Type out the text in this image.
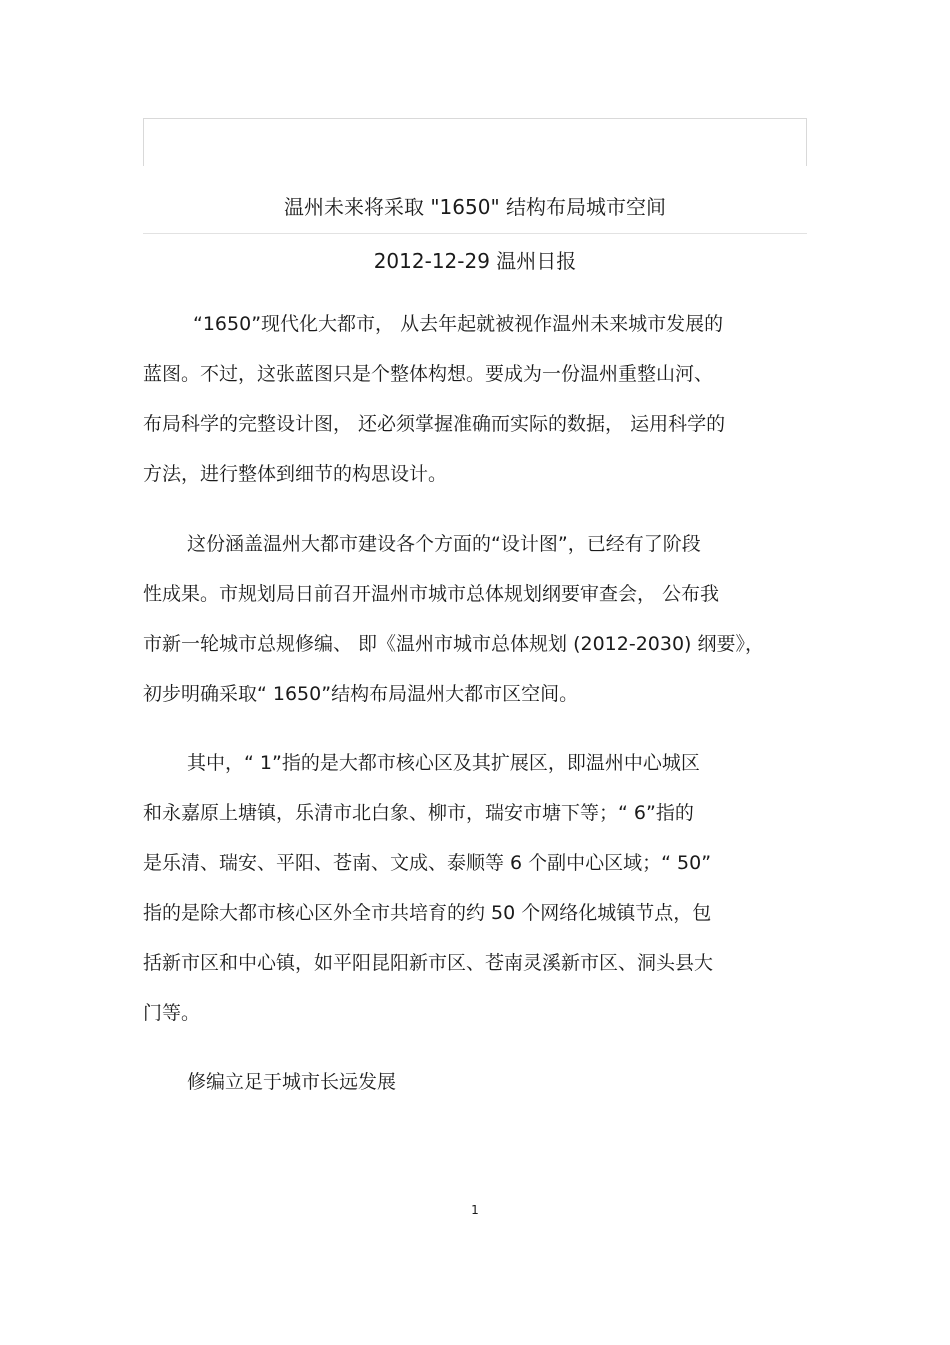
温州未来将采取 "1650" 结构布局城市空间
2012-12-29 温州日报
“1650”现代化大都市， 从去年起就被视作温州未来城市发展的
蓝图。不过，这张蓝图只是个整体构想。要成为一份温州重整山河、
布局科学的完整设计图， 还必须掌握准确而实际的数据， 运用科学的
方法，进行整体到细节的构思设计。
这份涵盖温州大都市建设各个方面的“设计图”，已经有了阶段
性成果。市规划局日前召开温州市城市总体规划纲要审查会， 公布我
市新一轮城市总规修编、 即《温州市城市总体规划 (2012-2030) 纲要》，
初步明确采取“ 1650”结构布局温州大都市区空间。
其中，“ 1”指的是大都市核心区及其扩展区，即温州中心城区
和永嘉原上塘镇，乐清市北白象、柳市，瑞安市塘下等；“ 6”指的
是乐清、瑞安、平阳、苍南、文成、泰顺等 6 个副中心区域；“ 50”
指的是除大都市核心区外全市共培育的约 50 个网络化城镇节点，包
括新市区和中心镇，如平阳昆阳新市区、苍南灵溪新市区、洞头县大
门等。
修编立足于城市长远发展
1
